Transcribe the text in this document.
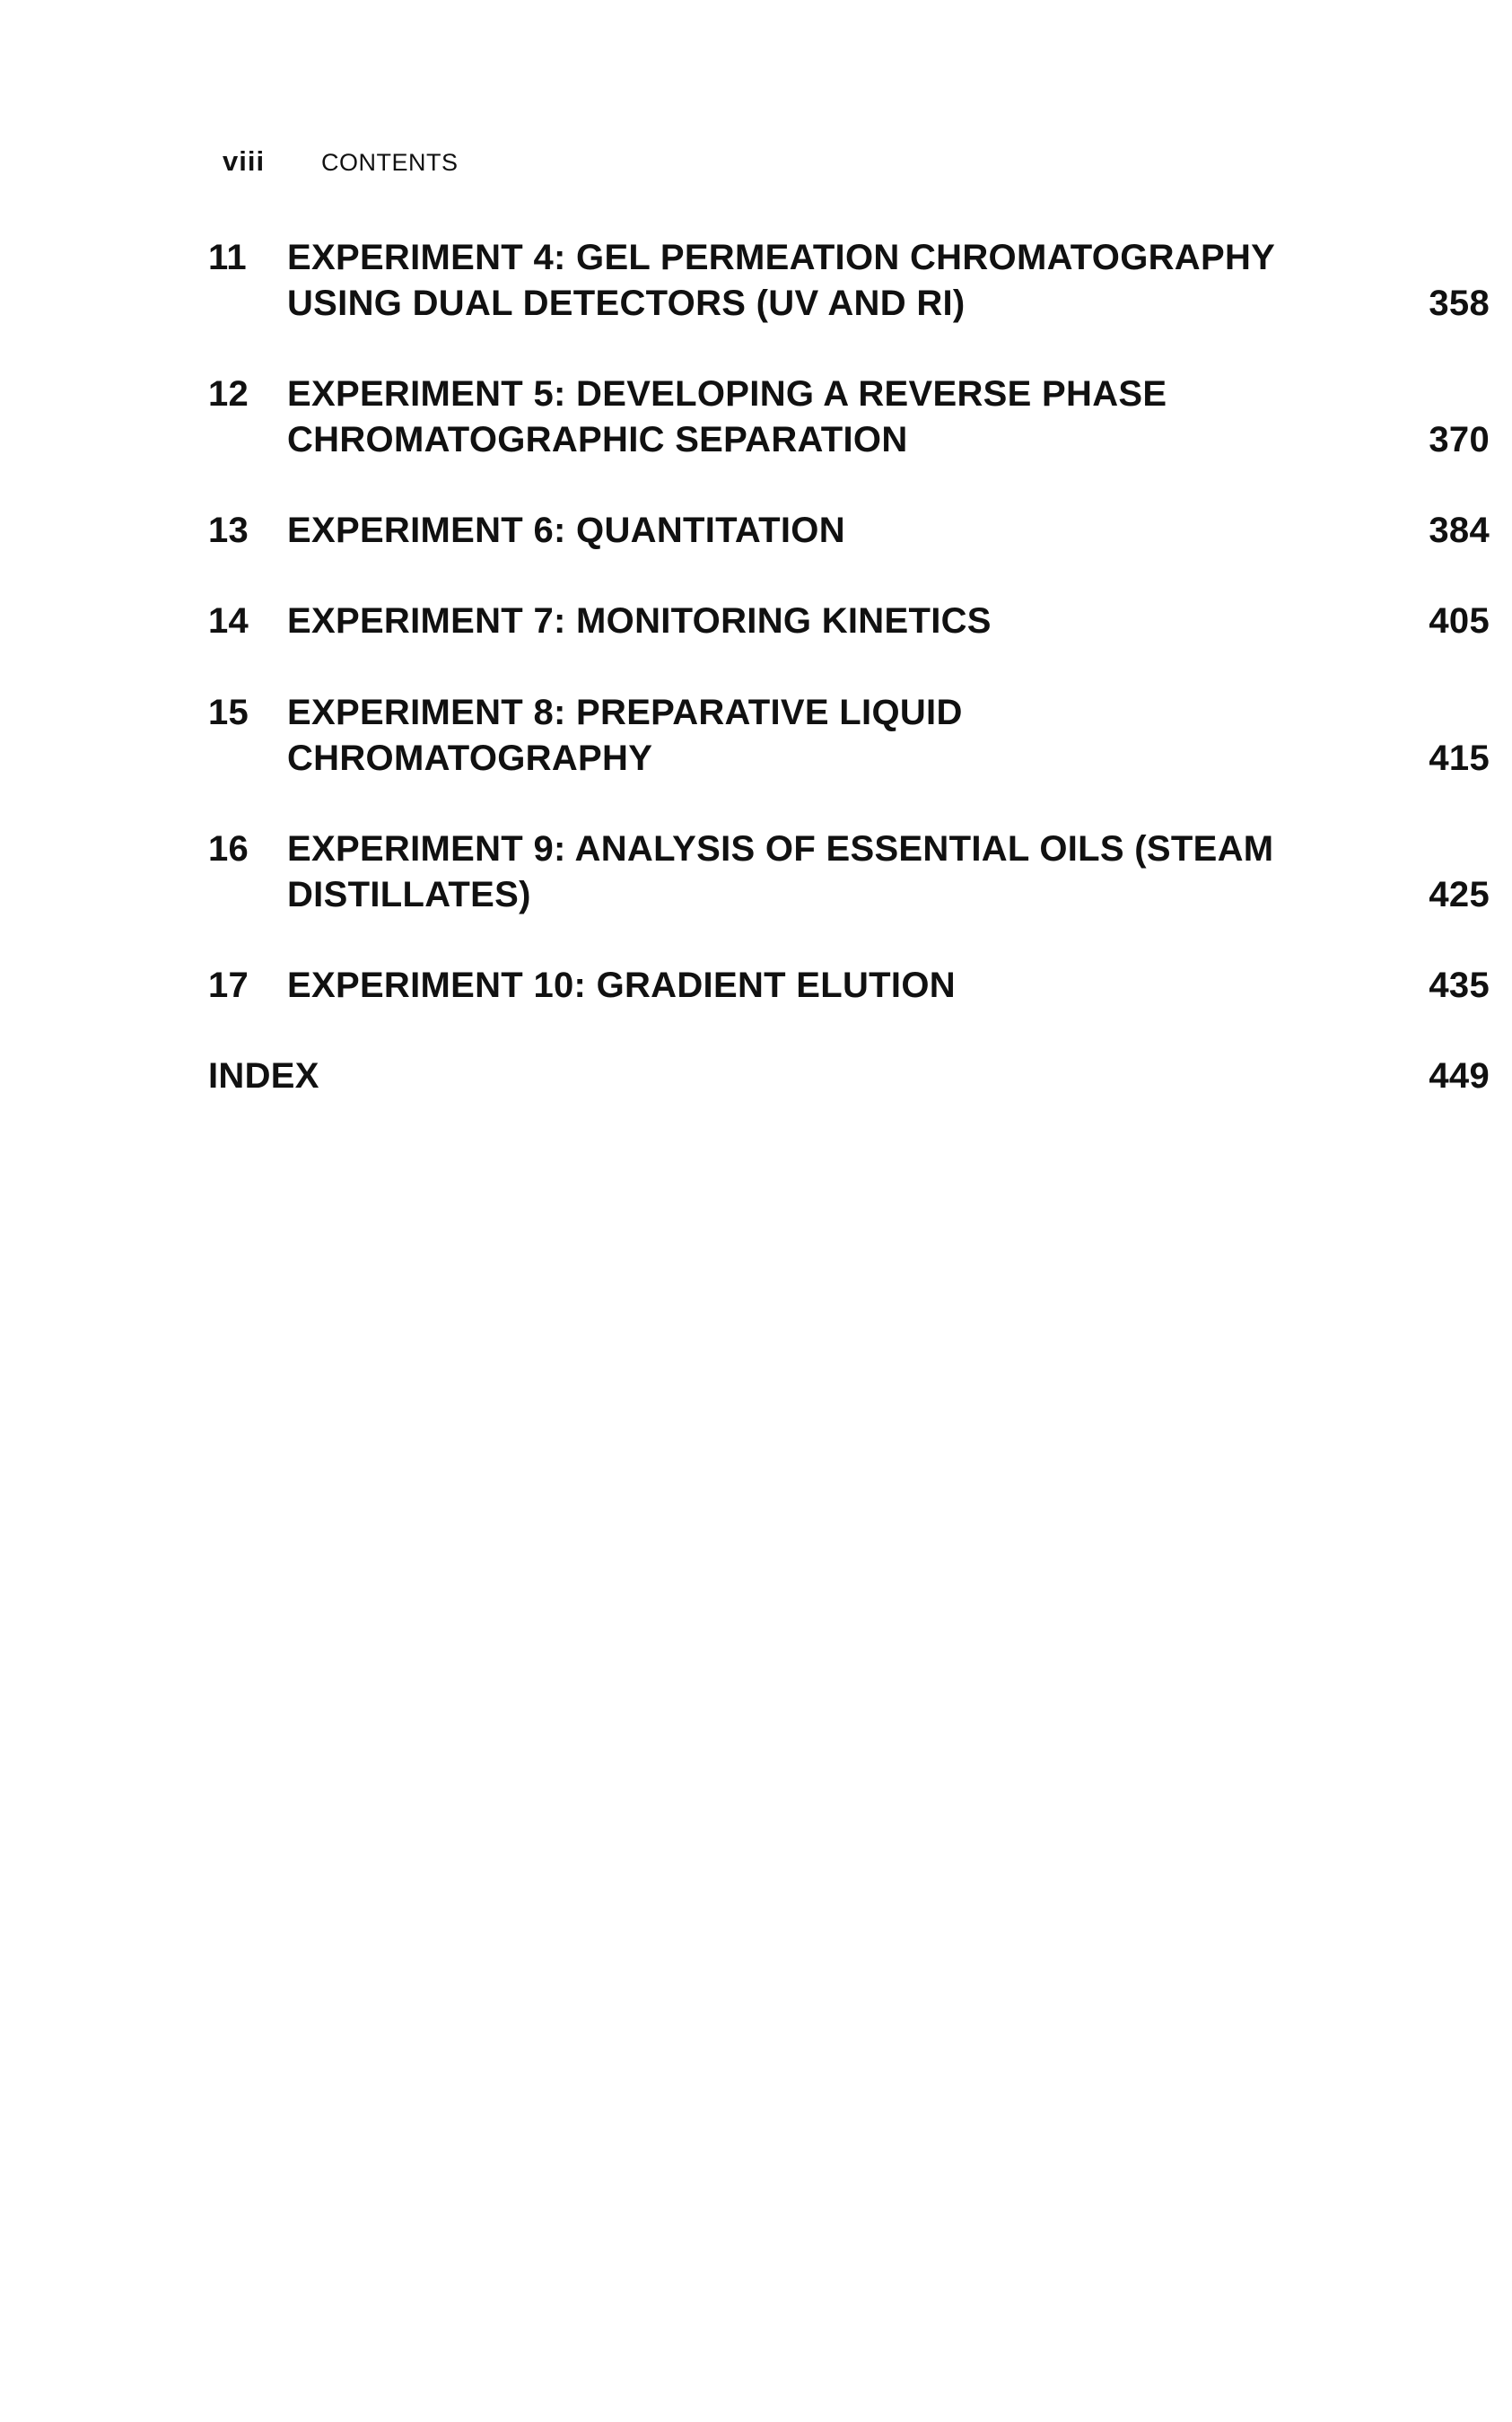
viii	CONTENTS
11	EXPERIMENT 4: GEL PERMEATION CHROMATOGRAPHY
USING DUAL DETECTORS (UV AND RI)	358
12	EXPERIMENT 5: DEVELOPING A REVERSE PHASE
CHROMATOGRAPHIC SEPARATION	370
13	EXPERIMENT 6: QUANTITATION	384
14	EXPERIMENT 7: MONITORING KINETICS	405
15	EXPERIMENT 8: PREPARATIVE LIQUID
CHROMATOGRAPHY	415
16	EXPERIMENT 9: ANALYSIS OF ESSENTIAL OILS (STEAM
DISTILLATES)	425
17	EXPERIMENT 10: GRADIENT ELUTION	435
INDEX	449
